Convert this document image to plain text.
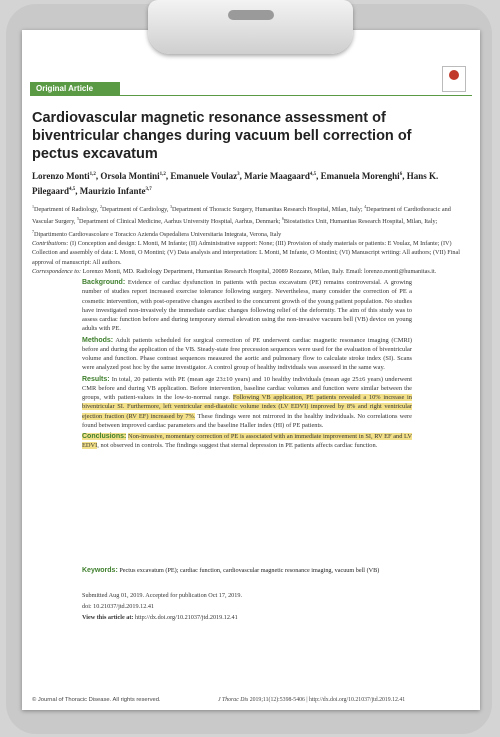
Original Article
Cardiovascular magnetic resonance assessment of biventricular changes during vacuum bell correction of pectus excavatum
Lorenzo Monti$^{1,2}$, Orsola Montini$^{1,2}$, Emanuele Voulaz$^3$, Marie Maagaard$^{4,5}$, Emanuela Morenghi$^6$, Hans K. Pilegaard$^{4,5}$, Maurizio Infante$^{3,7}$
$^1$Department of Radiology, $^2$Department of Cardiology, $^3$Department of Thoracic Surgery, Humanitas Research Hospital, Milan, Italy; $^4$Department of Cardiothoracic and Vascular Surgery, $^5$Department of Clinical Medicine, Aarhus University Hospital, Aarhus, Denmark; $^6$Biostatistics Unit, Humanitas Research Hospital, Milan, Italy; $^7$Dipartimento Cardiovascolare e Toracico Azienda Ospedaliera Universitaria Integrata, Verona, Italy
Contributions: (I) Conception and design: L Monti, M Infante; (II) Administrative support: None; (III) Provision of study materials or patients: E Voulaz, M Infante; (IV) Collection and assembly of data: L Monti, O Montini; (V) Data analysis and interpretation: L Monti, M Infante, O Montini; (VI) Manuscript writing: All authors; (VII) Final approval of manuscript: All authors.
Correspondence to: Lorenzo Monti, MD. Radiology Department, Humanitas Research Hospital, 20089 Rozzano, Milan, Italy. Email: lorenzo.monti@humanitas.it.

Background: Evidence of cardiac dysfunction in patients with pectus excavatum (PE) remains controversial. A growing number of studies report increased exercise tolerance following surgery. Nevertheless, many consider the correction of PE a cosmetic intervention, with post-operative changes ascribed to the concurrent growth of the young patient population. No studies have investigated non-invasively the immediate cardiac changes following relief of the deformity. The aim of this study was to assess cardiac function before and during temporary sternal elevation using the non-invasive vacuum bell (VB) device on young adults with PE.

Methods: Adult patients scheduled for surgical correction of PE underwent cardiac magnetic resonance imaging (CMRI) before and during the application of the VB. Steady-state free precession sequences were used for the evaluation of biventricular volume and function. Phase contrast sequences measured the aortic and pulmonary flow to calculate stroke index (SI). Scans were analyzed post hoc by the same investigator. A control group of healthy individuals was assessed in the same way.

Results: In total, 20 patients with PE (mean age 23±10 years) and 10 healthy individuals (mean age 25±6 years) underwent CMR before and during VB application. Before intervention, baseline cardiac volumes and function were similar between the groups, with patient-values in the low-to-normal range. Following VB application, PE patients revealed a 10% increase in biventricular SI. Furthermore, left ventricular end-diastolic volume index (LV EDVI) improved by 8% and right ventricular ejection fraction (RV EF) increased by 7%. These findings were not mirrored in the healthy individuals. No correlations were found between improved cardiac parameters and the baseline Haller index (HI) of PE patients.

Conclusions: Non-invasive, momentary correction of PE is associated with an immediate improvement in SI, RV EF and LV EDVI, not observed in controls. The findings suggest that sternal depression in PE patients affects cardiac function.

Keywords: Pectus excavatum (PE); cardiac function, cardiovascular magnetic resonance imaging, vacuum bell (VB)
Submitted Aug 01, 2019. Accepted for publication Oct 17, 2019.
doi: 10.21037/jtd.2019.12.41
View this article at: http://dx.doi.org/10.21037/jtd.2019.12.41
© Journal of Thoracic Disease. All rights reserved.	J Thorac Dis 2019;11(12):5398-5406 | http://dx.doi.org/10.21037/jtd.2019.12.41
